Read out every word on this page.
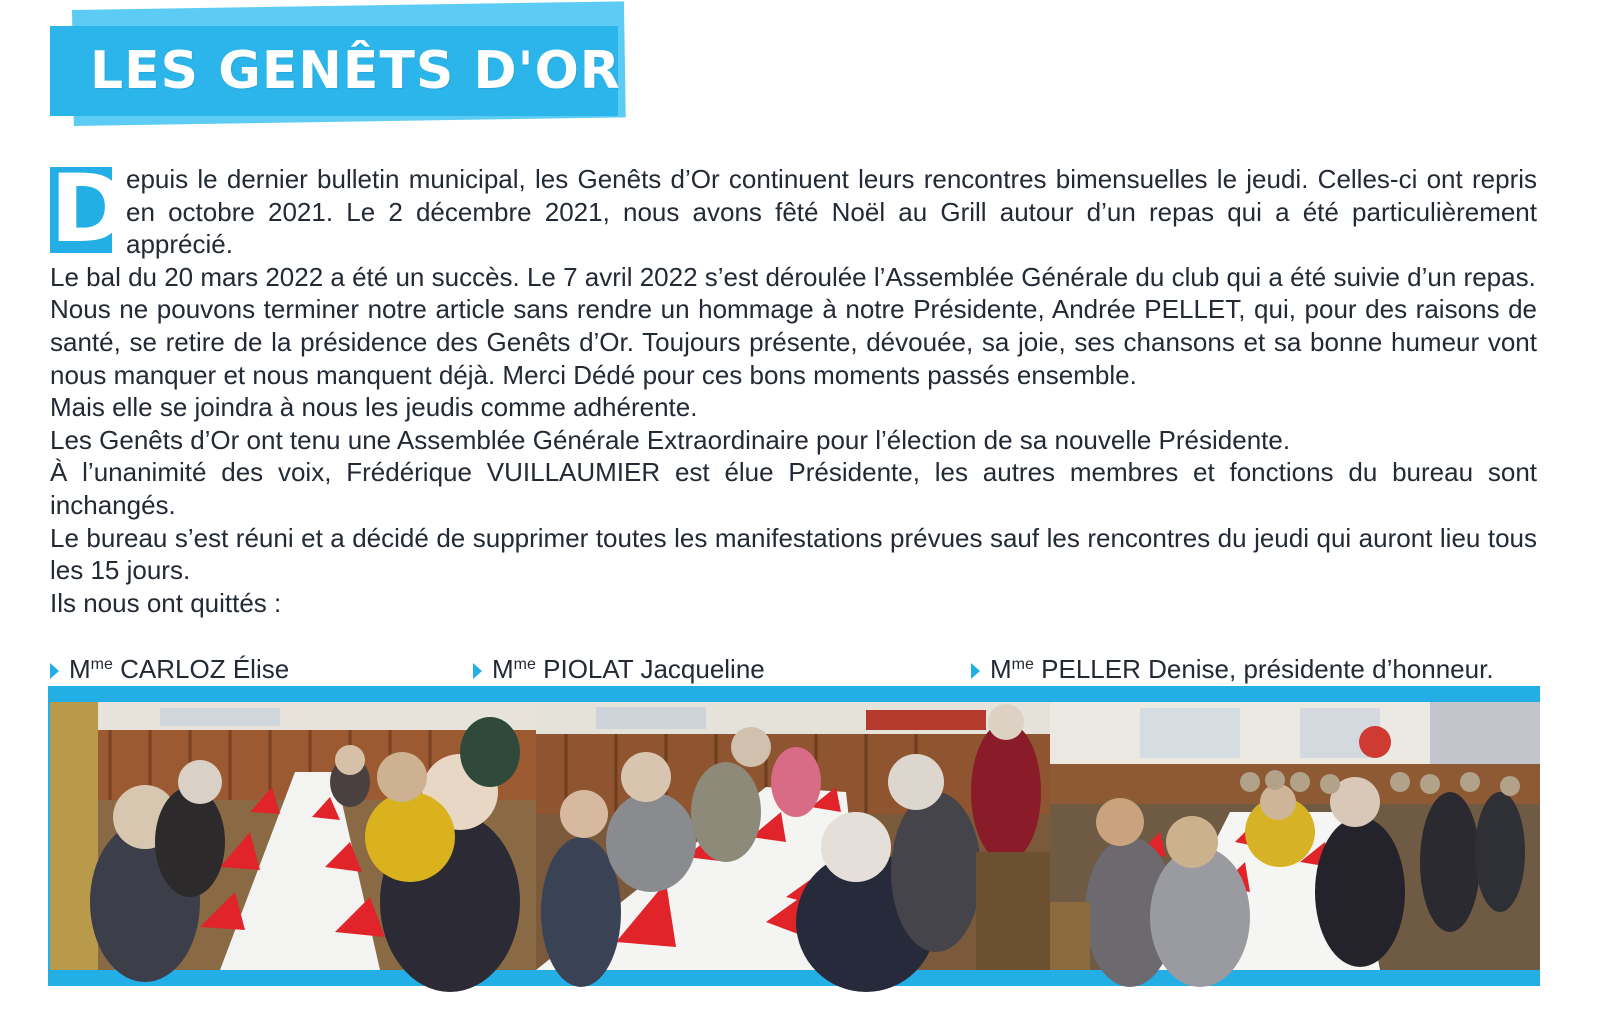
LES GENÊTS D'OR
D

epuis le dernier bulletin municipal, les Genêts d’Or continuent leurs rencontres bimensuelles le jeudi. Celles-ci ont repris en octobre 2021. Le 2 décembre 2021, nous avons fêté Noël au Grill autour d’un repas qui a été particulièrement apprécié.

Le bal du 20 mars 2022 a été un succès. Le 7 avril 2022 s’est déroulée l’Assemblée Générale du club qui a été suivie d’un repas.

Nous ne pouvons terminer notre article sans rendre un hommage à notre Présidente, Andrée PELLET, qui, pour des raisons de santé, se retire de la présidence des Genêts d’Or. Toujours présente, dévouée, sa joie, ses chansons et sa bonne humeur vont nous manquer et nous manquent déjà. Merci Dédé pour ces bons moments passés ensemble.

Mais elle se joindra à nous les jeudis comme adhérente.

Les Genêts d’Or ont tenu une Assemblée Générale Extraordinaire pour l’élection de sa nouvelle Présidente.

À l’unanimité des voix, Frédérique VUILLAUMIER est élue Présidente, les autres membres et fonctions du bureau sont inchangés.

Le bureau s’est réuni et a décidé de supprimer toutes les manifestations prévues sauf les rencontres du jeudi qui auront lieu tous les 15 jours.

Ils nous ont quittés :

$M^{me}$ CARLOZ Élise	$M^{me}$ PIOLAT Jacqueline	$M^{me}$ PELLER Denise, présidente d’honneur.
